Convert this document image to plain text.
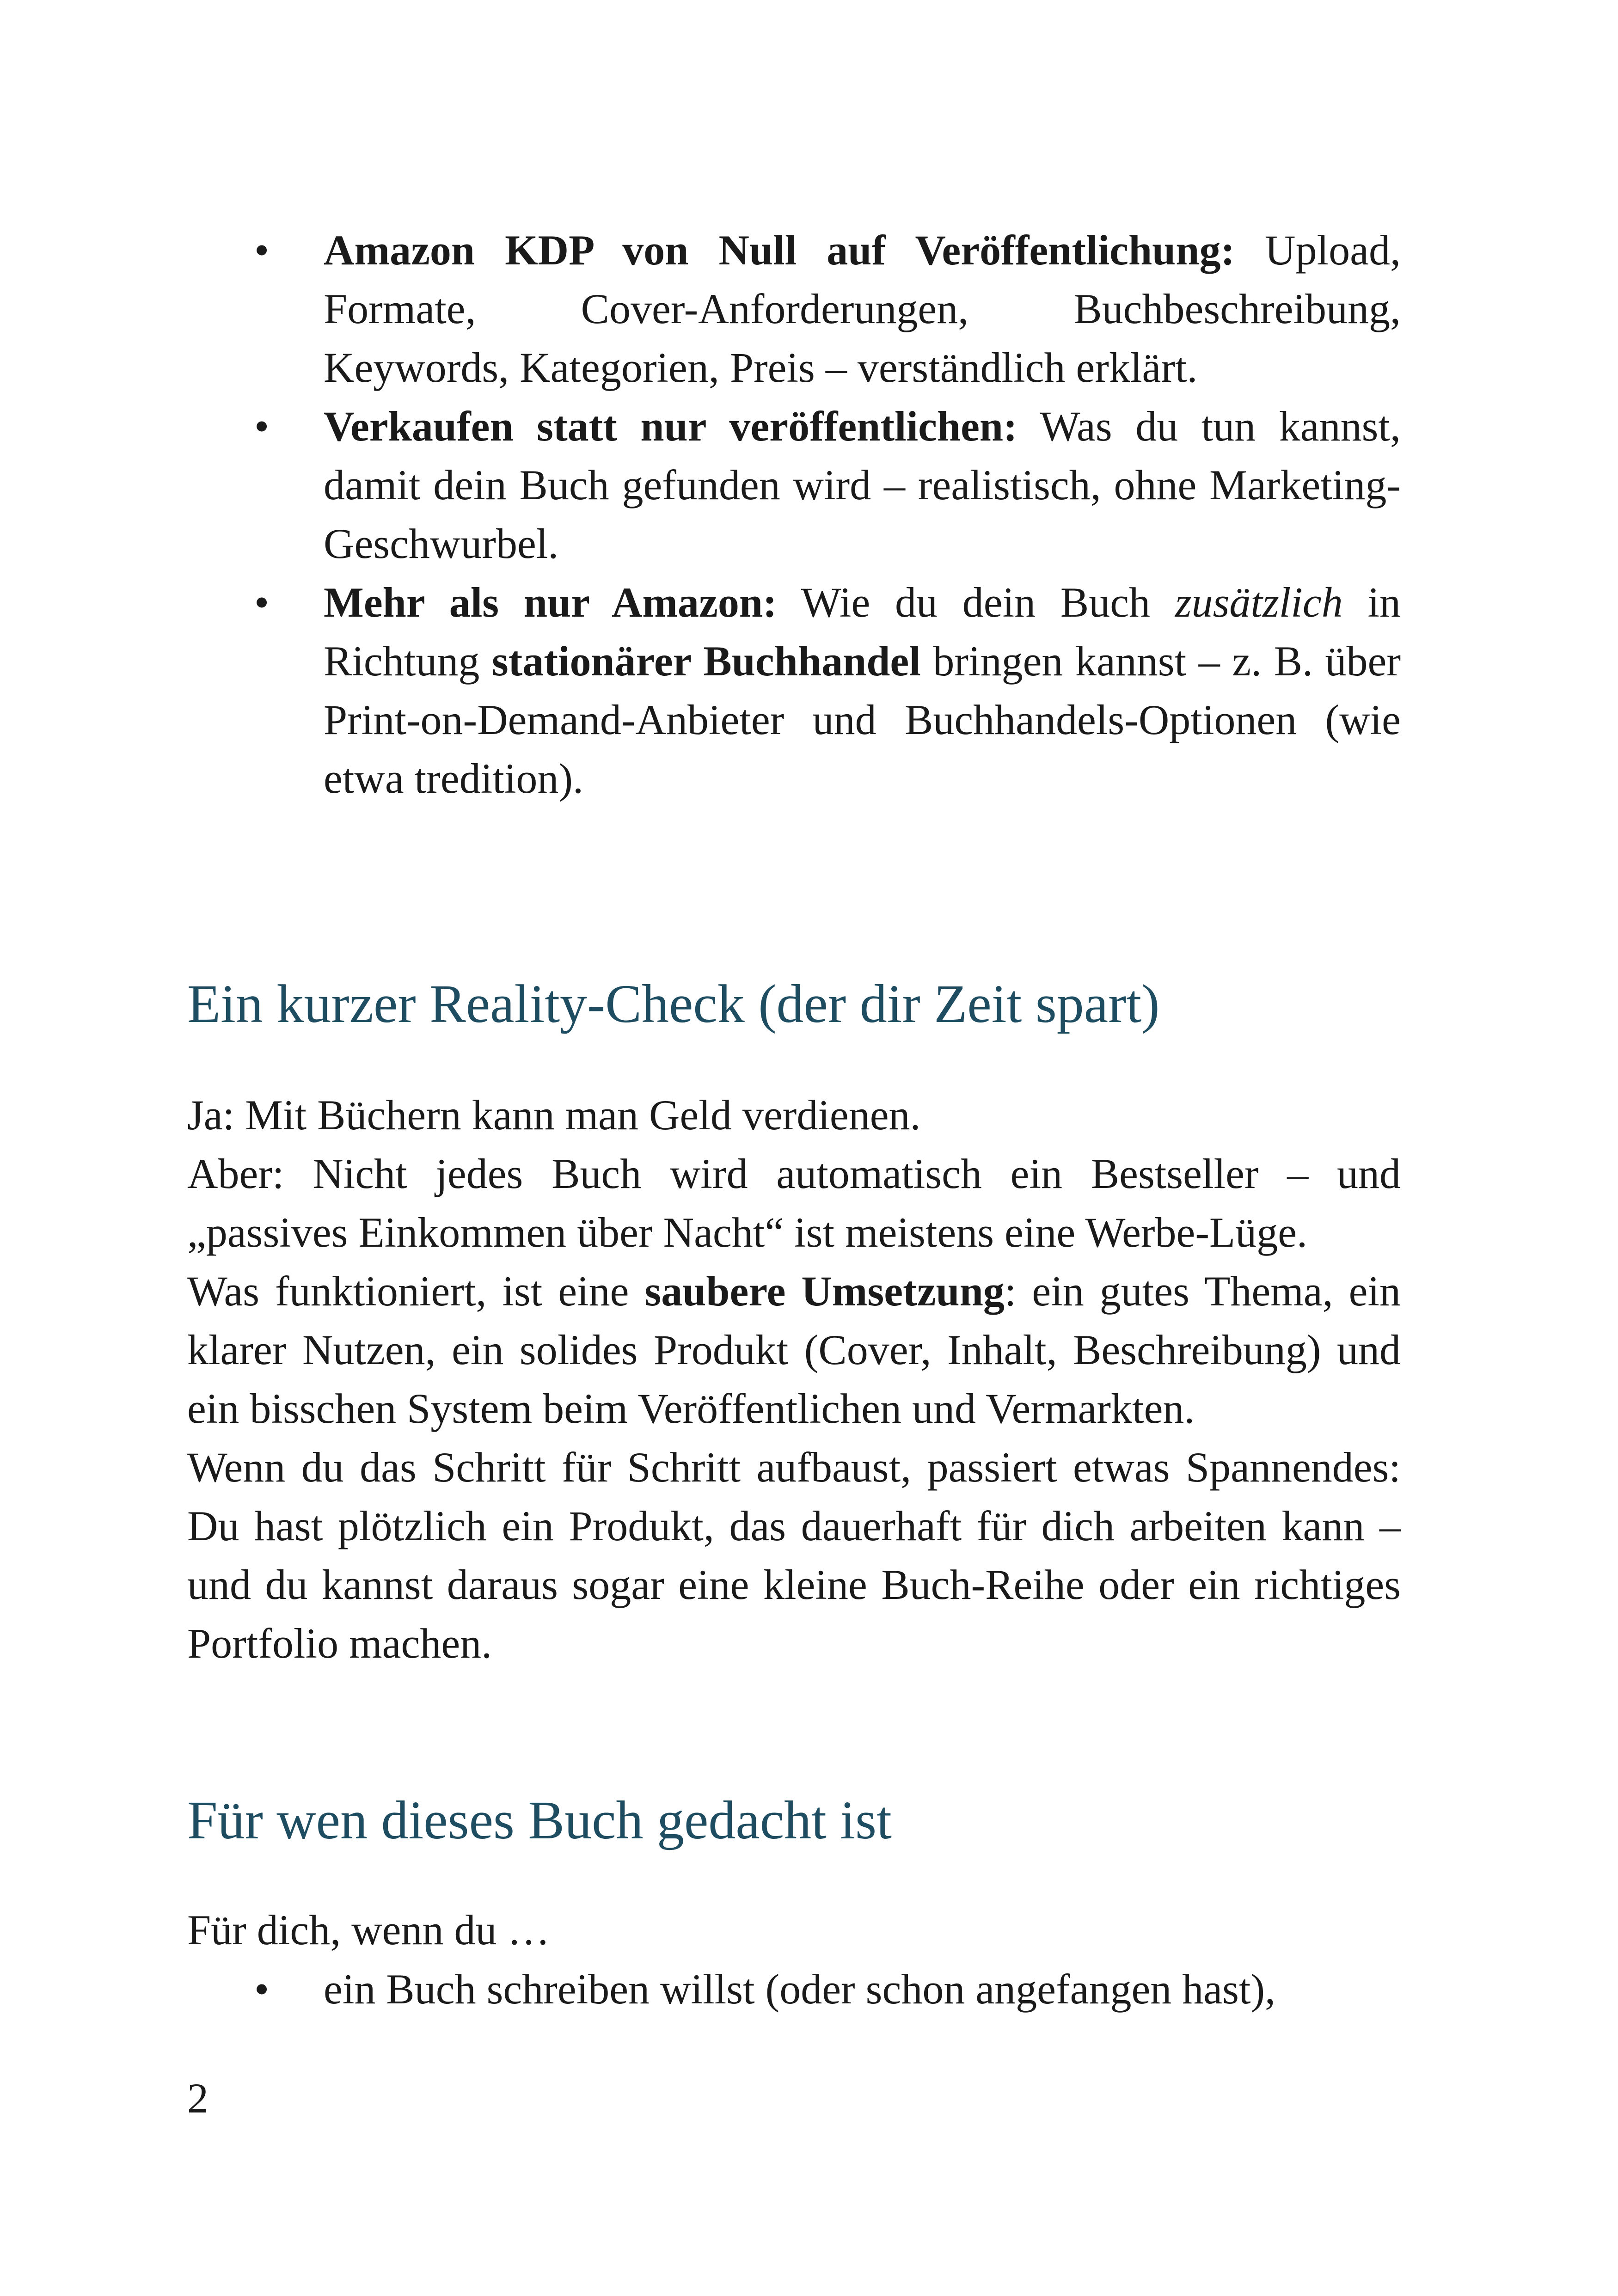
• Amazon KDP von Null auf Veröffentlichung: Upload, Formate, Cover-Anforderungen, Buchbeschreibung, Keywords, Kategorien, Preis – verständlich erklärt.
• Verkaufen statt nur veröffentlichen: Was du tun kannst, damit dein Buch gefunden wird – realistisch, ohne Marketing-Geschwurbel.
• Mehr als nur Amazon: Wie du dein Buch zusätzlich in Richtung stationärer Buchhandel bringen kannst – z. B. über Print-on-Demand-Anbieter und Buchhandels-Optionen (wie etwa tredition).
Ein kurzer Reality-Check (der dir Zeit spart)

Ja: Mit Büchern kann man Geld verdienen.
Aber: Nicht jedes Buch wird automatisch ein Bestseller – und „passives Einkommen über Nacht“ ist meistens eine Werbe-Lüge.
Was funktioniert, ist eine saubere Umsetzung: ein gutes Thema, ein klarer Nutzen, ein solides Produkt (Cover, Inhalt, Beschreibung) und ein bisschen System beim Veröffentlichen und Vermarkten.
Wenn du das Schritt für Schritt aufbaust, passiert etwas Spannendes: Du hast plötzlich ein Produkt, das dauerhaft für dich arbeiten kann – und du kannst daraus sogar eine kleine Buch-Reihe oder ein richtiges Portfolio machen.

Für wen dieses Buch gedacht ist

Für dich, wenn du …

• ein Buch schreiben willst (oder schon angefangen hast),
2
